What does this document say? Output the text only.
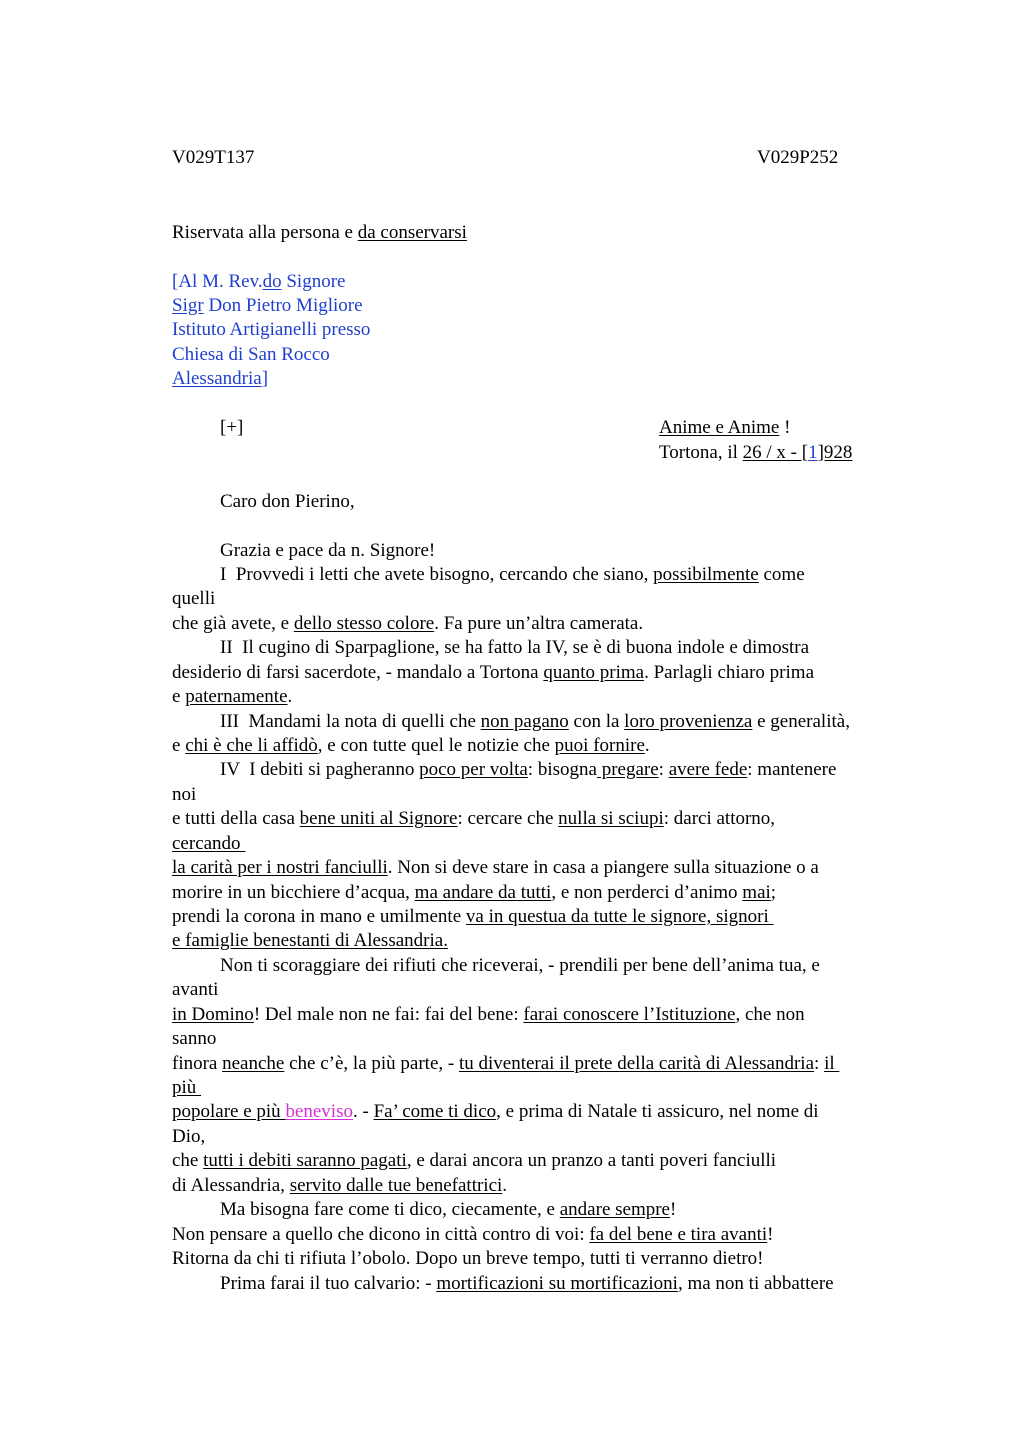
V029T137	V029P252
Riservata alla persona e da conservarsi
[Al M. Rev.do Signore
Sigr Don Pietro Migliore
Istituto Artigianelli presso
Chiesa di San Rocco
Alessandria]
[+]	Anime e Anime !
Tortona, il 26 / x - [1]928
Caro don Pierino,
Grazia e pace da n. Signore!
I  Provvedi i letti che avete bisogno, cercando che siano, possibilmente come
quelli
che già avete, e dello stesso colore. Fa pure un’altra camerata.
II  Il cugino di Sparpaglione, se ha fatto la IV, se è di buona indole e dimostra
desiderio di farsi sacerdote, - mandalo a Tortona quanto prima. Parlagli chiaro prima
e paternamente.
III  Mandami la nota di quelli che non pagano con la loro provenienza e generalità,
e chi è che li affidò, e con tutte quel le notizie che puoi fornire.
IV  I debiti si pagheranno poco per volta: bisogna pregare: avere fede: mantenere
noi
e tutti della casa bene uniti al Signore: cercare che nulla si sciupi: darci attorno,
cercando
la carità per i nostri fanciulli. Non si deve stare in casa a piangere sulla situazione o a
morire in un bicchiere d’acqua, ma andare da tutti, e non perderci d’animo mai;
prendi la corona in mano e umilmente va in questua da tutte le signore, signori
e famiglie benestanti di Alessandria.
Non ti scoraggiare dei rifiuti che riceverai, - prendili per bene dell’anima tua, e
avanti
in Domino! Del male non ne fai: fai del bene: farai conoscere l’Istituzione, che non
sanno
finora neanche che c’è, la più parte, - tu diventerai il prete della carità di Alessandria: il
più
popolare e più beneviso. - Fa’ come ti dico, e prima di Natale ti assicuro, nel nome di
Dio,
che tutti i debiti saranno pagati, e darai ancora un pranzo a tanti poveri fanciulli
di Alessandria, servito dalle tue benefattrici.
Ma bisogna fare come ti dico, ciecamente, e andare sempre!
Non pensare a quello che dicono in città contro di voi: fa del bene e tira avanti!
Ritorna da chi ti rifiuta l’obolo. Dopo un breve tempo, tutti ti verranno dietro!
Prima farai il tuo calvario: - mortificazioni su mortificazioni, ma non ti abbattere
